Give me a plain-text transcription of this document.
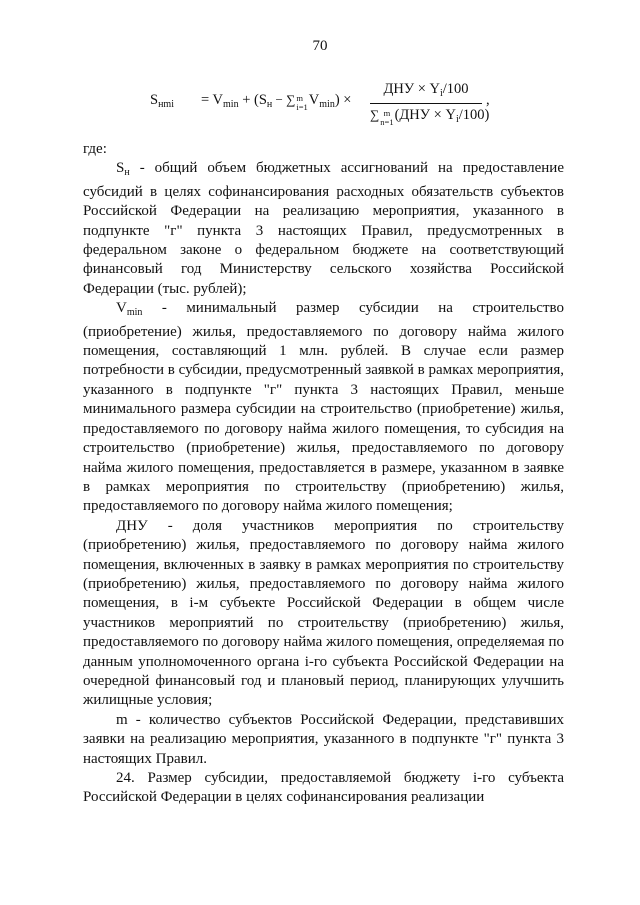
70
$S_{нmi} = V_{min} + (S_н - \sum m$
$i=1V_{min}$) ×
ДНУ × $Y_i/100$
∑ m
$n=1(ДНУ \times Y_i/100)$
,

где:

$S_н$ - общий объем бюджетных ассигнований на предоставление субсидий в целях софинансирования расходных обязательств субъектов Российской Федерации на реализацию мероприятия, указанного в подпункте "г" пункта 3 настоящих Правил, предусмотренных в федеральном законе о федеральном бюджете на соответствующий финансовый год Министерству сельского хозяйства Российской Федерации (тыс. рублей);

$V_{min}$ - минимальный размер субсидии на строительство (приобретение) жилья, предоставляемого по договору найма жилого помещения, составляющий 1 млн. рублей. В случае если размер потребности в субсидии, предусмотренный заявкой в рамках мероприятия, указанного в подпункте "г" пункта 3 настоящих Правил, меньше минимального размера субсидии на строительство (приобретение) жилья, предоставляемого по договору найма жилого помещения, то субсидия на строительство (приобретение) жилья, предоставляемого по договору найма жилого помещения, предоставляется в размере, указанном в заявке в рамках мероприятия по строительству (приобретению) жилья, предоставляемого по договору найма жилого помещения;

ДНУ - доля участников мероприятия по строительству (приобретению) жилья, предоставляемого по договору найма жилого помещения, включенных в заявку в рамках мероприятия по строительству (приобретению) жилья, предоставляемого по договору найма жилого помещения, в i-м субъекте Российской Федерации в общем числе участников мероприятий по строительству (приобретению) жилья, предоставляемого по договору найма жилого помещения, определяемая по данным уполномоченного органа i-го субъекта Российской Федерации на очередной финансовый год и плановый период, планирующих улучшить жилищные условия;

m - количество субъектов Российской Федерации, представивших заявки на реализацию мероприятия, указанного в подпункте "г" пункта 3 настоящих Правил.

24. Размер субсидии, предоставляемой бюджету i-го субъекта Российской Федерации в целях софинансирования реализации
